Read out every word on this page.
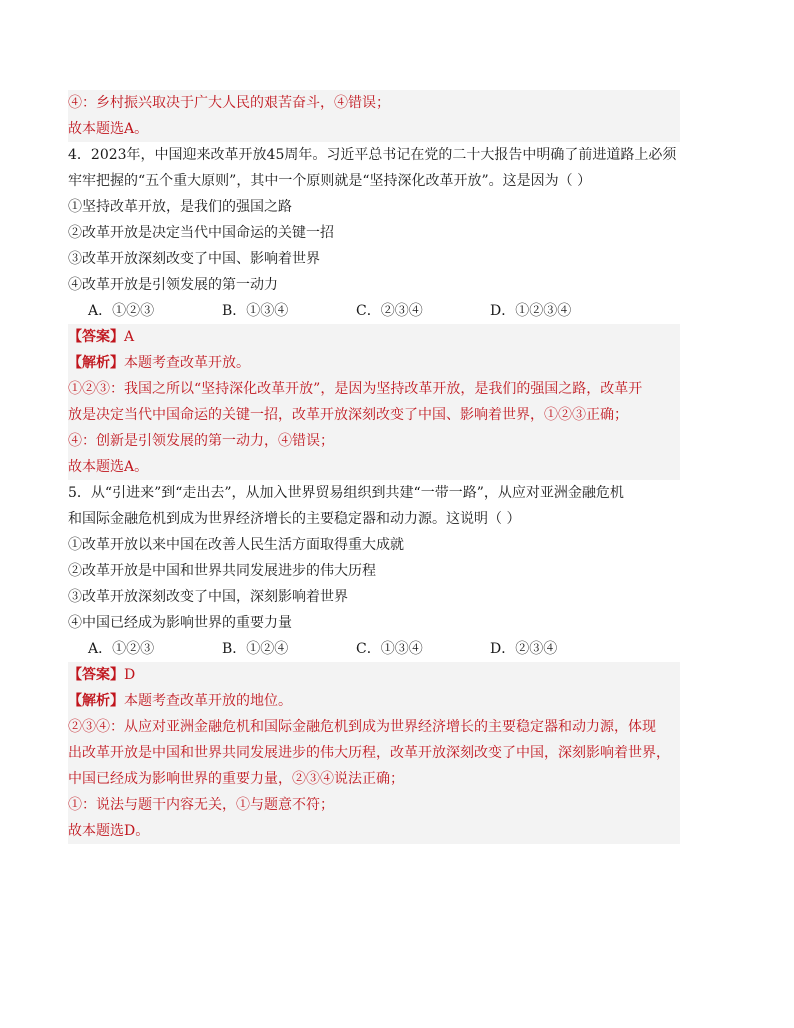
④：乡村振兴取决于广大人民的艰苦奋斗，④错误；
故本题选A。
4．2023年，中国迎来改革开放45周年。习近平总书记在党的二十大报告中明确了前进道路上必须
牢牢把握的“五个重大原则”，其中一个原则就是“坚持深化改革开放”。这是因为（ ）
①坚持改革开放，是我们的强国之路
②改革开放是决定当代中国命运的关键一招
③改革开放深刻改变了中国、影响着世界
④改革开放是引领发展的第一动力
A．①②③	B．①③④	C．②③④	D．①②③④
【答案】 A
【解析】 本题考查改革开放。
①②③：我国之所以“坚持深化改革开放”，是因为坚持改革开放，是我们的强国之路，改革开
放是决定当代中国命运的关键一招，改革开放深刻改变了中国、影响着世界，①②③正确；
④：创新是引领发展的第一动力，④错误；
故本题选A。
5．从“引进来”到“走出去”，从加入世界贸易组织到共建“一带一路”，从应对亚洲金融危机
和国际金融危机到成为世界经济增长的主要稳定器和动力源。这说明（ ）
①改革开放以来中国在改善人民生活方面取得重大成就
②改革开放是中国和世界共同发展进步的伟大历程
③改革开放深刻改变了中国，深刻影响着世界
④中国已经成为影响世界的重要力量
A．①②③	B．①②④	C．①③④	D．②③④
【答案】 D
【解析】 本题考查改革开放的地位。
②③④：从应对亚洲金融危机和国际金融危机到成为世界经济增长的主要稳定器和动力源，体现
出改革开放是中国和世界共同发展进步的伟大历程，改革开放深刻改变了中国，深刻影响着世界，
中国已经成为影响世界的重要力量，②③④说法正确；
①：说法与题干内容无关，①与题意不符；
故本题选D。
